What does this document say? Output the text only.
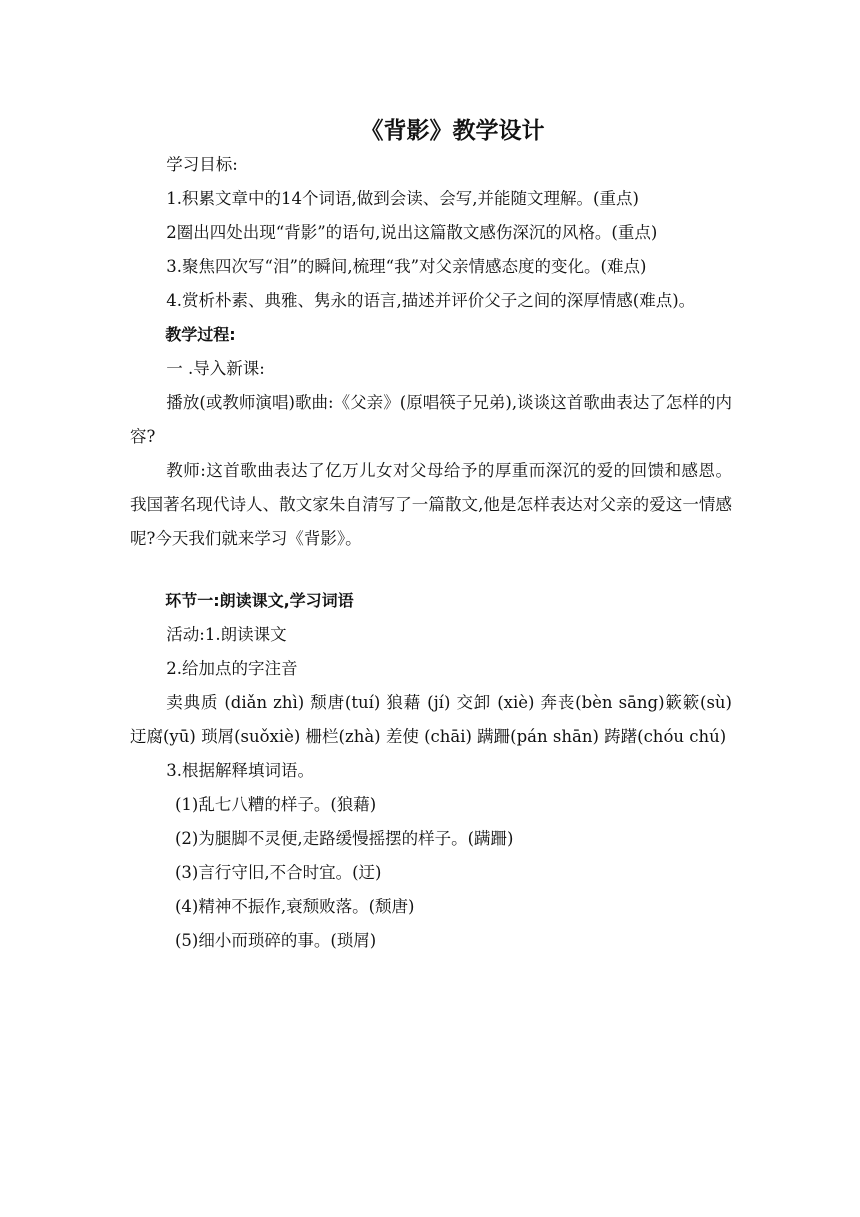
《背影》教学设计

学习目标:

1.积累文章中的14个词语,做到会读、会写,并能随文理解。(重点)

2圈出四处出现“背影”的语句,说出这篇散文感伤深沉的风格。(重点)

3.聚焦四次写“泪”的瞬间,梳理“我”对父亲情感态度的变化。(难点)

4.赏析朴素、典雅、隽永的语言,描述并评价父子之间的深厚情感(难点)。

教学过程:

一 .导入新课:

播放(或教师演唱)歌曲:《父亲》(原唱筷子兄弟),谈谈这首歌曲表达了怎样的内容?

教师:这首歌曲表达了亿万儿女对父母给予的厚重而深沉的爱的回馈和感恩。我国著名现代诗人、散文家朱自清写了一篇散文,他是怎样表达对父亲的爱这一情感呢?今天我们就来学习《背影》。

环节一:朗读课文,学习词语

活动:1.朗读课文

2.给加点的字注音

卖典质 (diǎn zhì) 颓唐(tuí) 狼藉 (jí) 交卸 (xiè) 奔丧(bèn sāng)簌簌(sù) 迂腐(yū) 琐屑(suǒxiè) 栅栏(zhà) 差使 (chāi) 蹒跚(pán shān) 踌躇(chóu chú)

3.根据解释填词语。

(1)乱七八糟的样子。(狼藉)

(2)为腿脚不灵便,走路缓慢摇摆的样子。(蹒跚)

(3)言行守旧,不合时宜。(迂)

(4)精神不振作,衰颓败落。(颓唐)

(5)细小而琐碎的事。(琐屑)
